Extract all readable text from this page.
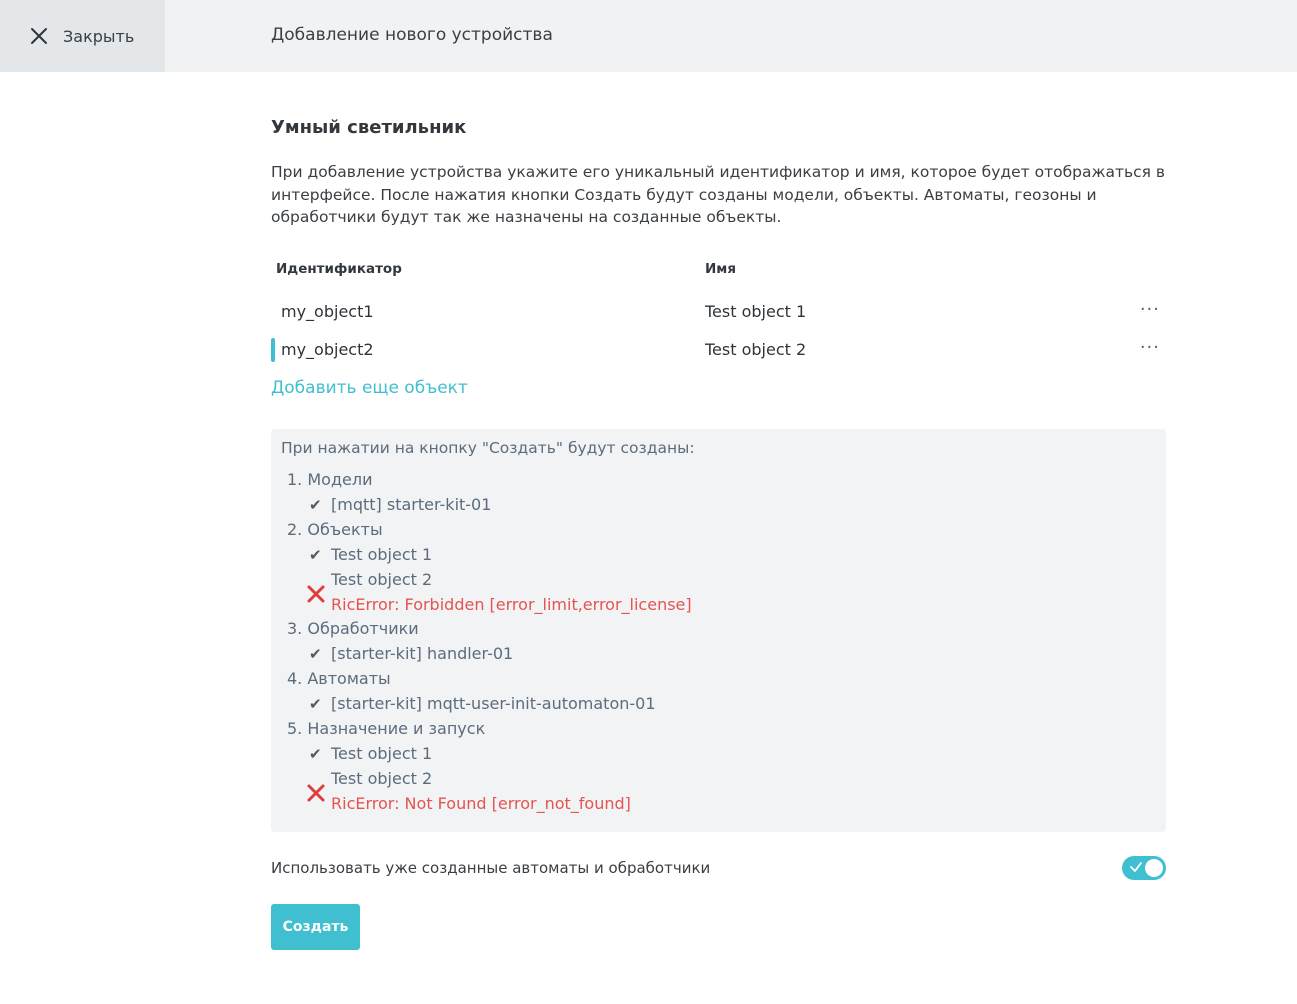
Закрыть	Добавление нового устройства
Умный светильник
При добавление устройства укажите его уникальный идентификатор и имя, которое будет отображаться в интерфейсе. После нажатия кнопки Создать будут созданы модели, объекты. Автоматы, геозоны и обработчики будут так же назначены на созданные объекты.
Идентификатор	Имя
my_object1	Test object 1	···
my_object2	Test object 2	···
Добавить еще объект
При нажатии на кнопку "Создать" будут созданы:
1. Модели
✔ [mqtt] starter-kit-01
2. Объекты
✔ Test object 1
Test object 2
RicError: Forbidden [error_limit,error_license]
3. Обработчики
✔ [starter-kit] handler-01
4. Автоматы
✔ [starter-kit] mqtt-user-init-automaton-01
5. Назначение и запуск
✔ Test object 1
Test object 2
RicError: Not Found [error_not_found]
Использовать уже созданные автоматы и обработчики
Создать
